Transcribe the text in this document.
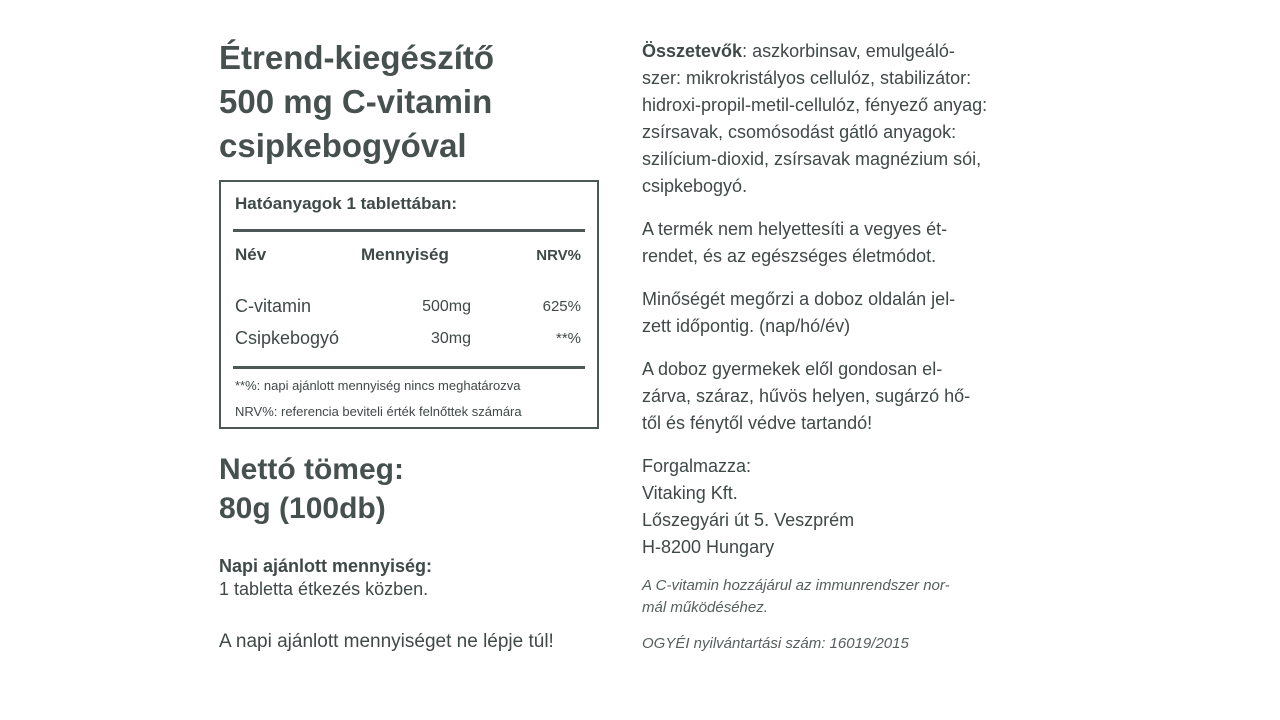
Étrend-kiegészítő
500 mg C-vitamin
csipkebogyóval
Hatóanyagok 1 tablettában:
Név	Mennyiség	NRV%
C-vitamin	500mg	625%
Csipkebogyó	30mg	**%
**%: napi ajánlott mennyiség nincs meghatározva
NRV%: referencia beviteli érték felnőttek számára
Nettó tömeg:
80g (100db)
Napi ajánlott mennyiség:
1 tabletta étkezés közben.
A napi ajánlott mennyiséget ne lépje túl!

Összetevők: aszkorbinsav, emulgeáló-
szer: mikrokristályos cellulóz, stabilizátor:
hidroxi-propil-metil-cellulóz, fényező anyag:
zsírsavak, csomósodást gátló anyagok:
szilícium-dioxid, zsírsavak magnézium sói,
csipkebogyó.

A termék nem helyettesíti a vegyes ét-
rendet, és az egészséges életmódot.

Minőségét megőrzi a doboz oldalán jel-
zett időpontig. (nap/hó/év)

A doboz gyermekek elől gondosan el-
zárva, száraz, hűvös helyen, sugárzó hő-
től és fénytől védve tartandó!

Forgalmazza:
Vitaking Kft.
Lőszegyári út 5. Veszprém
H-8200 Hungary

A C-vitamin hozzájárul az immunrendszer nor-
mál működéséhez.

OGYÉI nyilvántartási szám: 16019/2015
